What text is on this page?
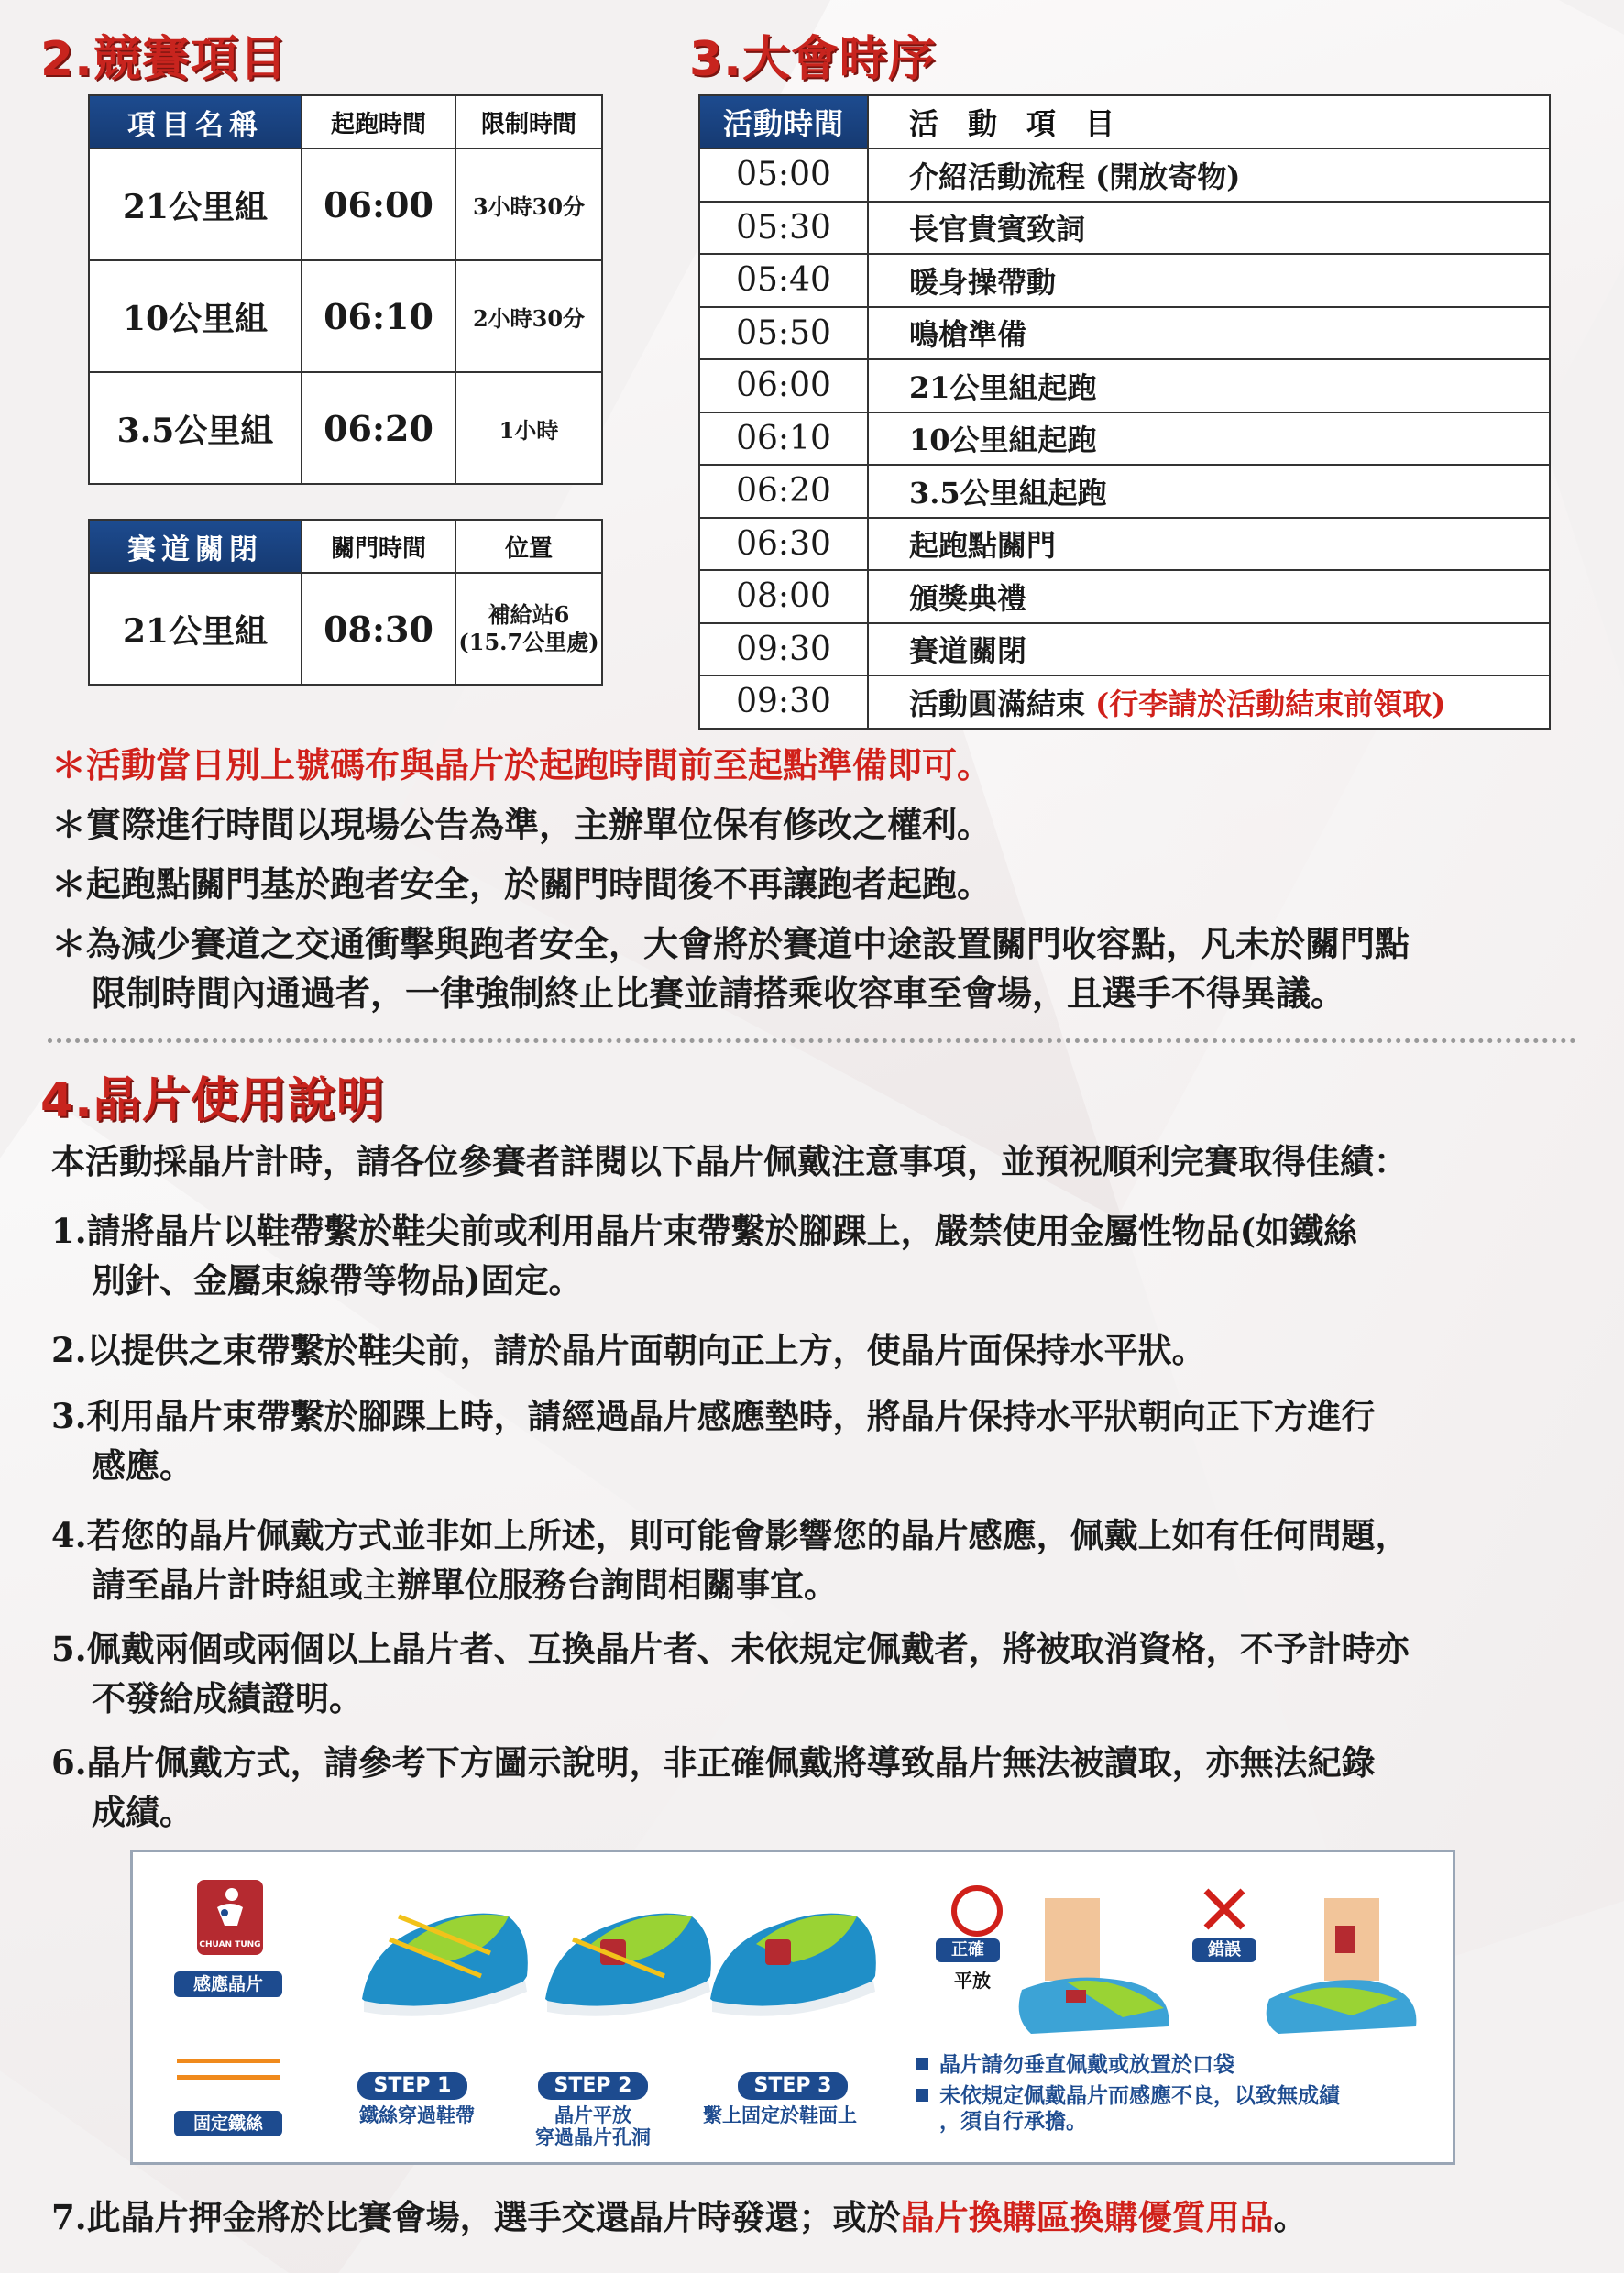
2.競賽項目	3.大會時序
項目名稱	起跑時間	限制時間
21公里組	06:00	3小時30分
10公里組	06:10	2小時30分
3.5公里組	06:20	1小時
賽道關閉	關門時間	位置
21公里組	08:30	補給站6
(15.7公里處)
活動時間	活　動　項　目
05:00	介紹活動流程 (開放寄物)
05:30	長官貴賓致詞
05:40	暖身操帶動
05:50	鳴槍準備
06:00	21公里組起跑
06:10	10公里組起跑
06:20	3.5公里組起跑
06:30	起跑點關門
08:00	頒獎典禮
09:30	賽道關閉
09:30	活動圓滿結束 (行李請於活動結束前領取)
＊活動當日別上號碼布與晶片於起跑時間前至起點準備即可。
＊實際進行時間以現場公告為準，主辦單位保有修改之權利。
＊起跑點關門基於跑者安全，於關門時間後不再讓跑者起跑。
＊為減少賽道之交通衝擊與跑者安全，大會將於賽道中途設置關門收容點，凡未於關門點
限制時間內通過者，一律強制終止比賽並請搭乘收容車至會場，且選手不得異議。
4.晶片使用說明
本活動採晶片計時，請各位參賽者詳閱以下晶片佩戴注意事項，並預祝順利完賽取得佳績：
1.請將晶片以鞋帶繫於鞋尖前或利用晶片束帶繫於腳踝上，嚴禁使用金屬性物品(如鐵絲
別針、金屬束線帶等物品)固定。
2.以提供之束帶繫於鞋尖前，請於晶片面朝向正上方，使晶片面保持水平狀。
3.利用晶片束帶繫於腳踝上時，請經過晶片感應墊時，將晶片保持水平狀朝向正下方進行
感應。
4.若您的晶片佩戴方式並非如上所述，則可能會影響您的晶片感應，佩戴上如有任何問題，
請至晶片計時組或主辦單位服務台詢問相關事宜。
5.佩戴兩個或兩個以上晶片者、互換晶片者、未依規定佩戴者，將被取消資格，不予計時亦
不發給成績證明。
6.晶片佩戴方式，請參考下方圖示說明，非正確佩戴將導致晶片無法被讀取，亦無法紀錄
成績。
CHUAN TUNG
感應晶片
固定鐵絲
STEP 1
鐵絲穿過鞋帶
STEP 2
晶片平放
穿過晶片孔洞
STEP 3
繫上固定於鞋面上
正確
平放
錯誤
晶片請勿垂直佩戴或放置於口袋
未依規定佩戴晶片而感應不良，以致無成績
，須自行承擔。
7.此晶片押金將於比賽會場，選手交還晶片時發還；或於晶片換購區換購優質用品。
